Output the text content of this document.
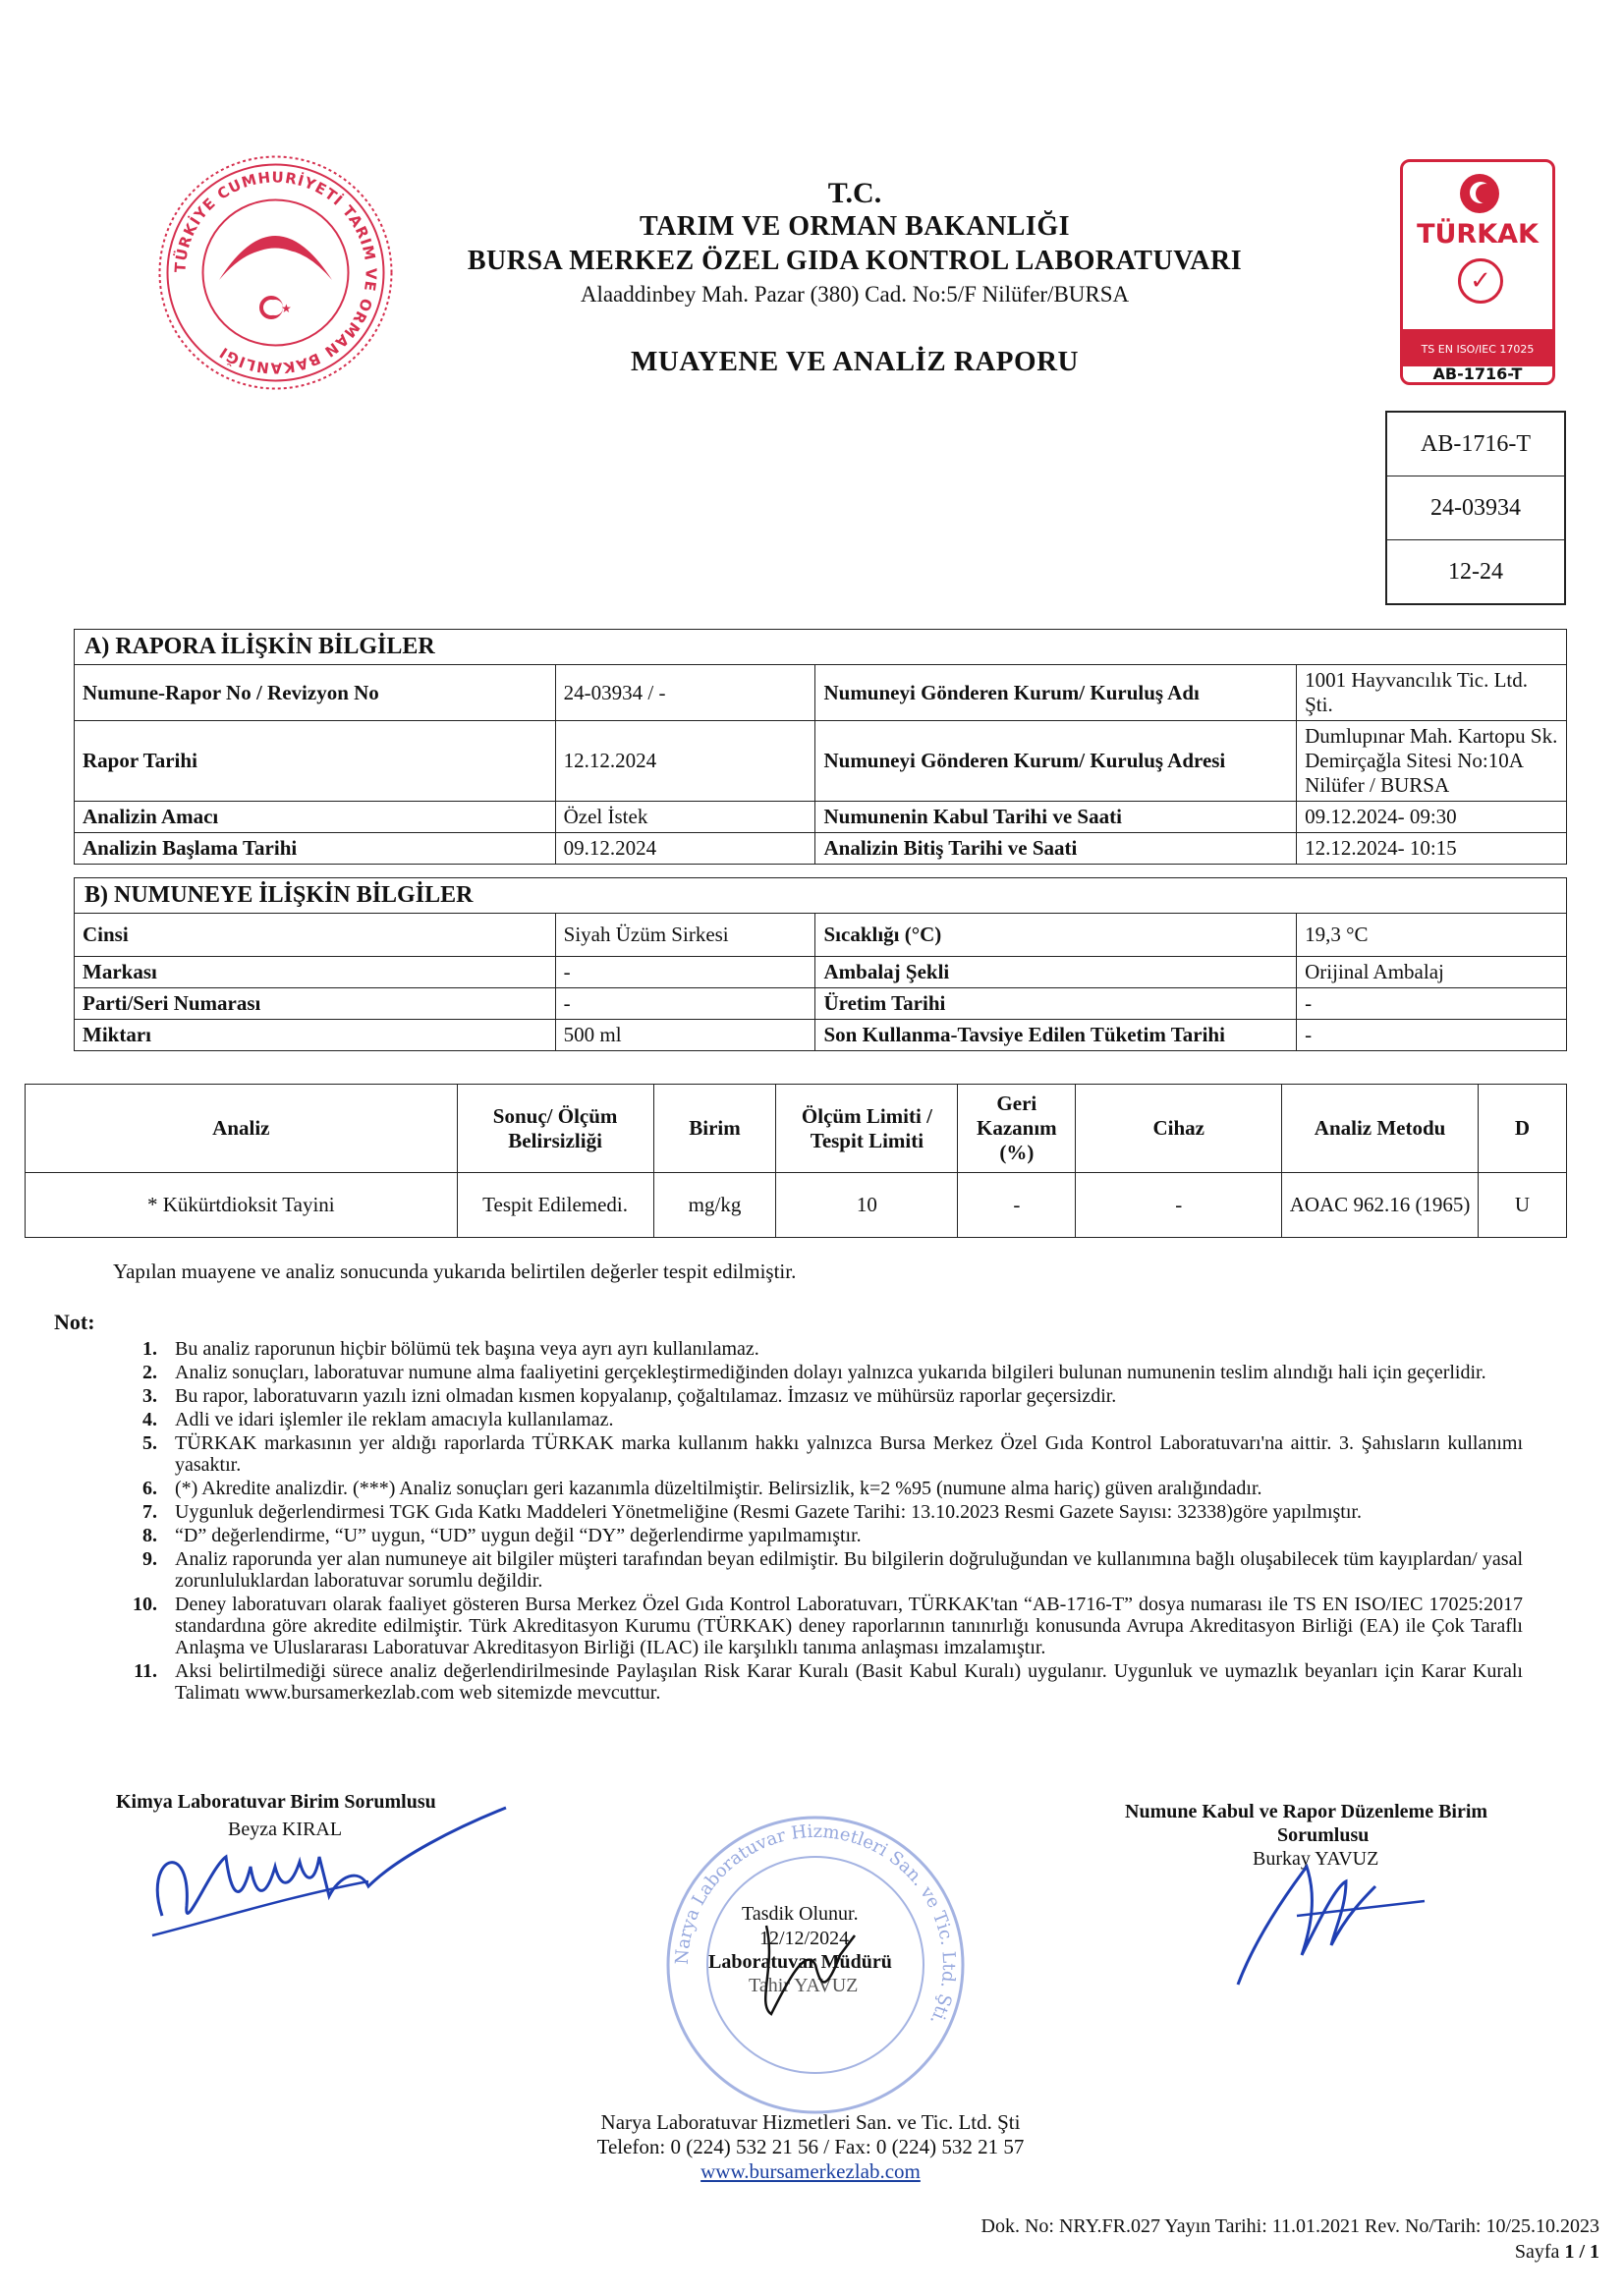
TÜRKİYE CUMHURİYETİ TARIM VE ORMAN BAKANLIĞI
★
T.C.
TARIM VE ORMAN BAKANLIĞI
BURSA MERKEZ ÖZEL GIDA KONTROL LABORATUVARI
Alaaddinbey Mah. Pazar (380) Cad. No:5/F Nilüfer/BURSA
MUAYENE VE ANALİZ RAPORU
TÜRKAK
✓
TS EN ISO/IEC 17025
AB-1716-T
AB-1716-T
24-03934
12-24
A) RAPORA İLİŞKİN BİLGİLER			
Numune-Rapor No / Revizyon No	24-03934 / -	Numuneyi Gönderen Kurum/ Kuruluş Adı	1001 Hayvancılık Tic. Ltd. Şti.
Rapor Tarihi	12.12.2024	Numuneyi Gönderen Kurum/ Kuruluş Adresi	Dumlupınar Mah. Kartopu Sk. Demirçağla Sitesi No:10A Nilüfer / BURSA
Analizin Amacı	Özel İstek	Numunenin Kabul Tarihi ve Saati	09.12.2024- 09:30
Analizin Başlama Tarihi	09.12.2024	Analizin Bitiş Tarihi ve Saati	12.12.2024- 10:15
B) NUMUNEYE İLİŞKİN BİLGİLER			
Cinsi	Siyah Üzüm Sirkesi	Sıcaklığı (°C)	19,3 °C
Markası	-	Ambalaj Şekli	Orijinal Ambalaj
Parti/Seri Numarası	-	Üretim Tarihi	-
Miktarı	500 ml	Son Kullanma-Tavsiye Edilen Tüketim Tarihi	-
Analiz	Sonuç/ Ölçüm Belirsizliği	Birim	Ölçüm Limiti / Tespit Limiti	Geri Kazanım (%)	Cihaz	Analiz Metodu	D
* Kükürtdioksit Tayini	Tespit Edilemedi.	mg/kg	10	-	-	AOAC 962.16 (1965)	U
Yapılan muayene ve analiz sonucunda yukarıda belirtilen değerler tespit edilmiştir.
Not:
1. Bu analiz raporunun hiçbir bölümü tek başına veya ayrı ayrı kullanılamaz.
2. Analiz sonuçları, laboratuvar numune alma faaliyetini gerçekleştirmediğinden dolayı yalnızca yukarıda bilgileri bulunan numunenin teslim alındığı hali için geçerlidir.
3. Bu rapor, laboratuvarın yazılı izni olmadan kısmen kopyalanıp, çoğaltılamaz. İmzasız ve mühürsüz raporlar geçersizdir.
4. Adli ve idari işlemler ile reklam amacıyla kullanılamaz.
5. TÜRKAK markasının yer aldığı raporlarda TÜRKAK marka kullanım hakkı yalnızca Bursa Merkez Özel Gıda Kontrol Laboratuvarı'na aittir. 3. Şahısların kullanımı yasaktır.
6. (*) Akredite analizdir. (***) Analiz sonuçları geri kazanımla düzeltilmiştir. Belirsizlik, k=2 %95 (numune alma hariç) güven aralığındadır.
7. Uygunluk değerlendirmesi TGK Gıda Katkı Maddeleri Yönetmeliğine (Resmi Gazete Tarihi: 13.10.2023 Resmi Gazete Sayısı: 32338)göre yapılmıştır.
8. “D” değerlendirme, “U” uygun, “UD” uygun değil “DY” değerlendirme yapılmamıştır.
9. Analiz raporunda yer alan numuneye ait bilgiler müşteri tarafından beyan edilmiştir. Bu bilgilerin doğruluğundan ve kullanımına bağlı oluşabilecek tüm kayıplardan/ yasal zorunluluklardan laboratuvar sorumlu değildir.
10. Deney laboratuvarı olarak faaliyet gösteren Bursa Merkez Özel Gıda Kontrol Laboratuvarı, TÜRKAK'tan “AB-1716-T” dosya numarası ile TS EN ISO/IEC 17025:2017 standardına göre akredite edilmiştir. Türk Akreditasyon Kurumu (TÜRKAK) deney raporlarının tanınırlığı konusunda Avrupa Akreditasyon Birliği (EA) ile Çok Taraflı Anlaşma ve Uluslararası Laboratuvar Akreditasyon Birliği (ILAC) ile karşılıklı tanıma anlaşması imzalamıştır.
11. Aksi belirtilmediği sürece analiz değerlendirilmesinde Paylaşılan Risk Karar Kuralı (Basit Kabul Kuralı) uygulanır. Uygunluk ve uymazlık beyanları için Karar Kuralı Talimatı www.bursamerkezlab.com web sitemizde mevcuttur.
Kimya Laboratuvar Birim Sorumlusu
Beyza KIRAL
Narya Laboratuvar Hizmetleri San. ve Tic. Ltd. Şti.
Tasdik Olunur.
12/12/2024
Laboratuvar Müdürü
Tahir YAVUZ
Numune Kabul ve Rapor Düzenleme Birim
Sorumlusu
Burkay YAVUZ
Narya Laboratuvar Hizmetleri San. ve Tic. Ltd. Şti
Telefon: 0 (224) 532 21 56 / Fax: 0 (224) 532 21 57
www.bursamerkezlab.com
Dok. No: NRY.FR.027 Yayın Tarihi: 11.01.2021 Rev. No/Tarih: 10/25.10.2023
Sayfa 1 / 1
